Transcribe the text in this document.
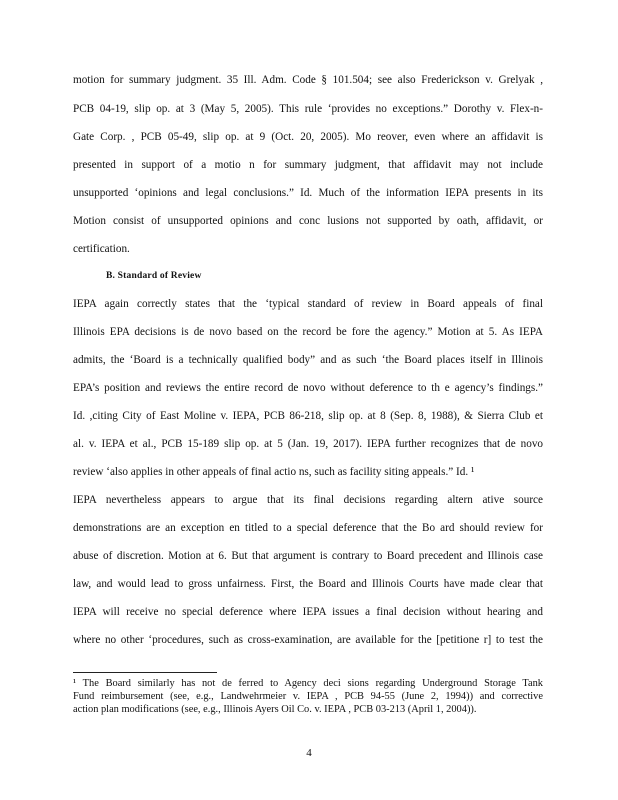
motion for summary judgment. 35 Ill. Adm. Code § 101.504; see also Frederickson v. Grelyak ,
PCB 04-19, slip op. at 3 (May 5, 2005). This rule ‘provides no exceptions.” Dorothy v. Flex-n-
Gate Corp. , PCB 05-49, slip op. at 9 (Oct. 20, 2005). Mo reover, even where an affidavit is
presented in support of a motio n for summary judgment, that affidavit may not include
unsupported ‘opinions and legal conclusions.” Id. Much of the information IEPA presents in its
Motion consist of unsupported opinions and conc lusions not supported by oath, affidavit, or
certification.
B. Standard of Review
IEPA again correctly states that the ‘typical standard of review in Board appeals of final
Illinois EPA decisions is de novo based on the record be fore the agency.” Motion at 5. As IEPA
admits, the ‘Board is a technically qualified body” and as such ‘the Board places itself in Illinois
EPA’s position and reviews the entire record de novo without deference to th e agency’s findings.”
Id. ,citing City of East Moline v. IEPA, PCB 86-218, slip op. at 8 (Sep. 8, 1988), & Sierra Club et
al. v. IEPA et al., PCB 15-189 slip op. at 5 (Jan. 19, 2017). IEPA further recognizes that de novo
review ‘also applies in other appeals of final actio ns, such as facility siting appeals.” Id. ¹
IEPA nevertheless appears to argue that its final decisions regarding altern ative source
demonstrations are an exception en titled to a special deference that the Bo ard should review for
abuse of discretion. Motion at 6. But that argument is contrary to Board precedent and Illinois case
law, and would lead to gross unfairness. First, the Board and Illinois Courts have made clear that
IEPA will receive no special deference where IEPA issues a final decision without hearing and
where no other ‘procedures, such as cross-examination, are available for the [petitione r] to test the
¹ The Board similarly has not de ferred to Agency deci sions regarding Underground Storage Tank
Fund reimbursement (see, e.g., Landwehrmeier v. IEPA , PCB 94-55 (June 2, 1994)) and corrective
action plan modifications (see, e.g., Illinois Ayers Oil Co. v. IEPA , PCB 03-213 (April 1, 2004)).
4
